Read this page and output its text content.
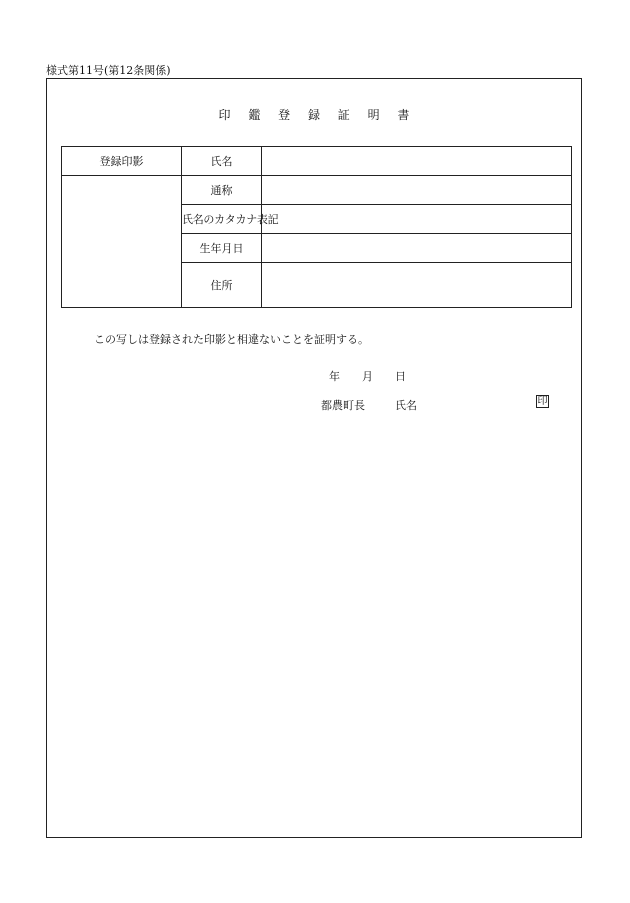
様式第11号(第12条関係)
印 鑑 登 録 証 明 書
登録印影	氏名	
	通称	
	氏名のカタカナ表記	
	生年月日	
	住所	
この写しは登録された印影と相違ないことを証明する。
年 月 日
都農町長	氏名	印
